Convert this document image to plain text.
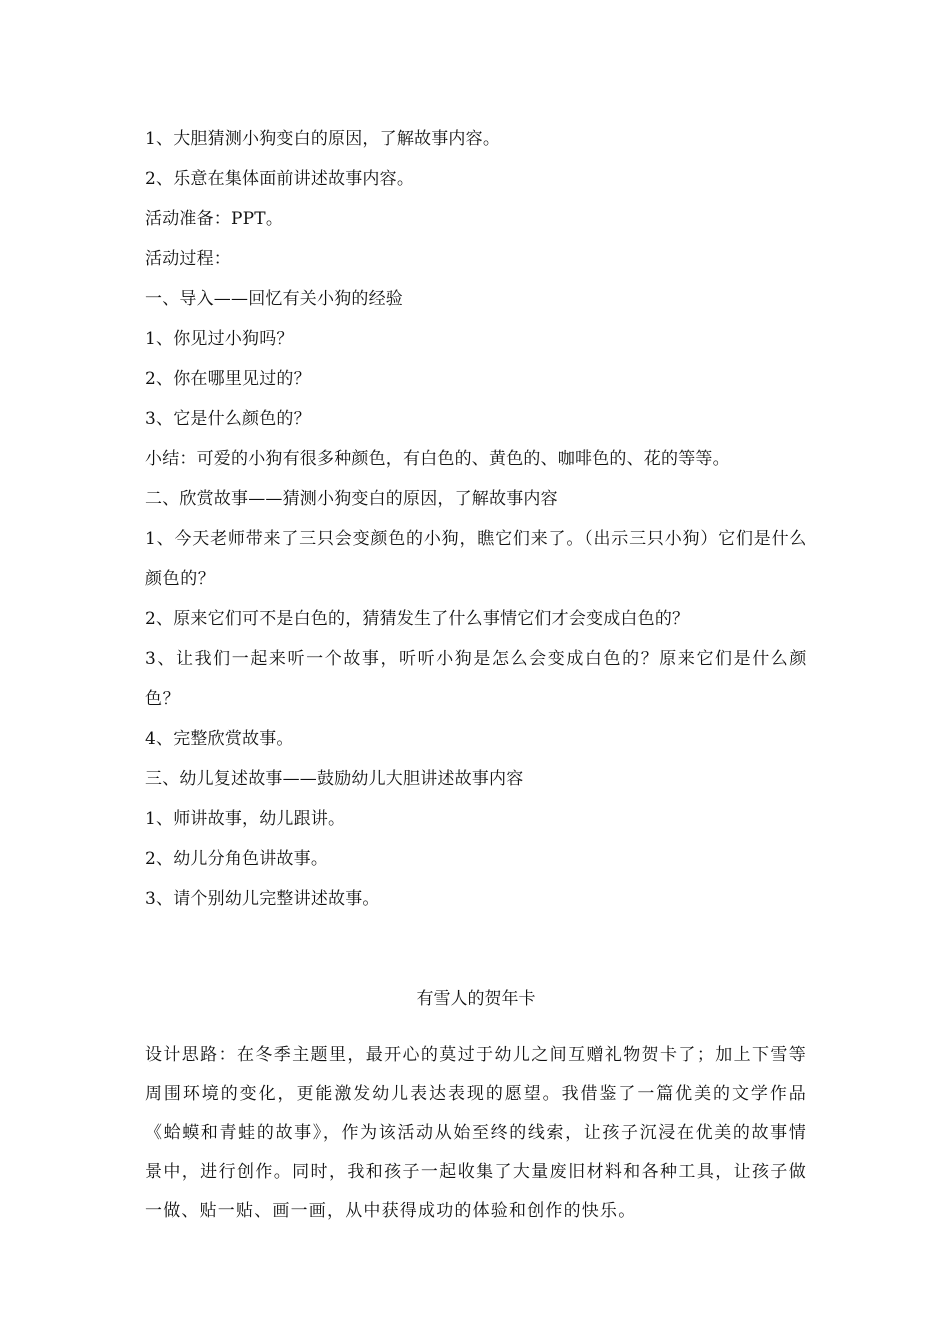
1、大胆猜测小狗变白的原因，了解故事内容。

2、乐意在集体面前讲述故事内容。

活动准备：PPT。

活动过程：

一、导入——回忆有关小狗的经验

1、你见过小狗吗？

2、你在哪里见过的？

3、它是什么颜色的？

小结：可爱的小狗有很多种颜色，有白色的、黄色的、咖啡色的、花的等等。

二、欣赏故事——猜测小狗变白的原因，了解故事内容

1、今天老师带来了三只会变颜色的小狗，瞧它们来了。（出示三只小狗）它们是什么颜色的？

2、原来它们可不是白色的，猜猜发生了什么事情它们才会变成白色的？

3、让我们一起来听一个故事，听听小狗是怎么会变成白色的？原来它们是什么颜色？

4、完整欣赏故事。

三、幼儿复述故事——鼓励幼儿大胆讲述故事内容

1、师讲故事，幼儿跟讲。

2、幼儿分角色讲故事。

3、请个别幼儿完整讲述故事。

有雪人的贺年卡

设计思路：在冬季主题里，最开心的莫过于幼儿之间互赠礼物贺卡了；加上下雪等周围环境的变化，更能激发幼儿表达表现的愿望。我借鉴了一篇优美的文学作品《蛤蟆和青蛙的故事》，作为该活动从始至终的线索，让孩子沉浸在优美的故事情景中，进行创作。同时，我和孩子一起收集了大量废旧材料和各种工具，让孩子做一做、贴一贴、画一画，从中获得成功的体验和创作的快乐。
